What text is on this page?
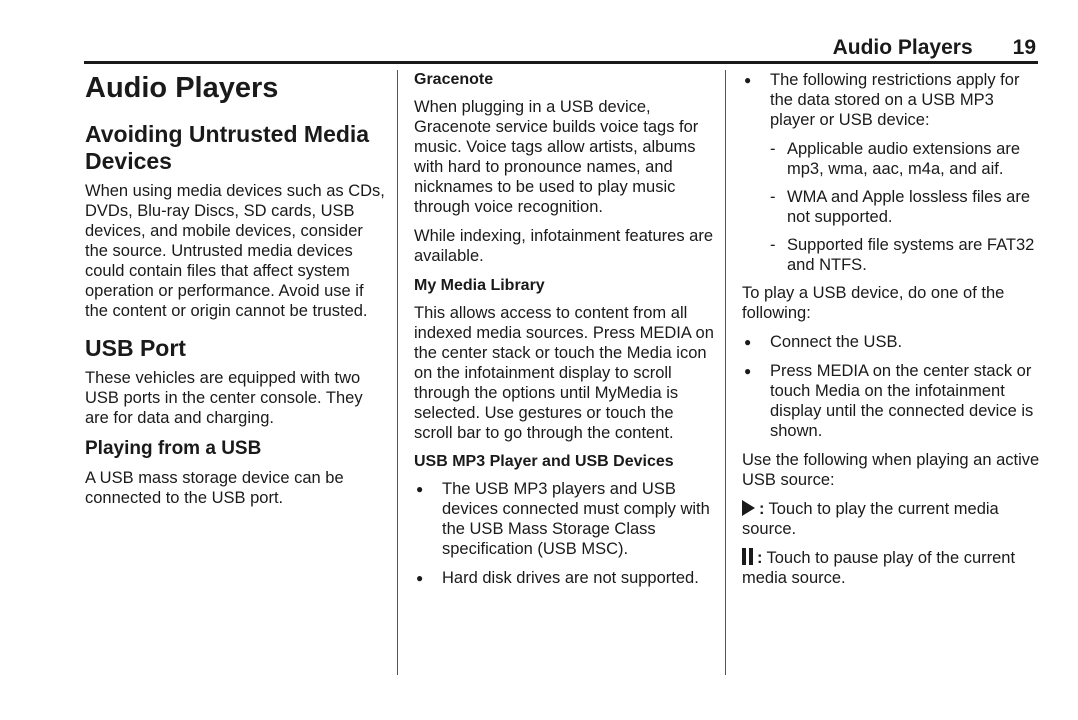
Audio Players 19
Audio Players
Avoiding Untrusted Media Devices

When using media devices such as CDs, DVDs, Blu-ray Discs, SD cards, USB devices, and mobile devices, consider the source. Untrusted media devices could contain files that affect system operation or performance. Avoid use if the content or origin cannot be trusted.

USB Port

These vehicles are equipped with two USB ports in the center console. They are for data and charging.

Playing from a USB

A USB mass storage device can be connected to the USB port.

Gracenote

When plugging in a USB device, Gracenote service builds voice tags for music. Voice tags allow artists, albums with hard to pronounce names, and nicknames to be used to play music through voice recognition.

While indexing, infotainment features are available.

My Media Library

This allows access to content from all indexed media sources. Press MEDIA on the center stack or touch the Media icon on the infotainment display to scroll through the options until MyMedia is selected. Use gestures or touch the scroll bar to go through the content.

USB MP3 Player and USB Devices
● The USB MP3 players and USB devices connected must comply with the USB Mass Storage Class specification (USB MSC).
● Hard disk drives are not supported.
● The following restrictions apply for the data stored on a USB MP3 player or USB device:
- Applicable audio extensions are mp3, wma, aac, m4a, and aif.
- WMA and Apple lossless files are not supported.
- Supported file systems are FAT32 and NTFS.

To play a USB device, do one of the following:

● Connect the USB.
● Press MEDIA on the center stack or touch Media on the infotainment display until the connected device is shown.

Use the following when playing an active USB source:

: Touch to play the current media source.

: Touch to pause play of the current media source.
